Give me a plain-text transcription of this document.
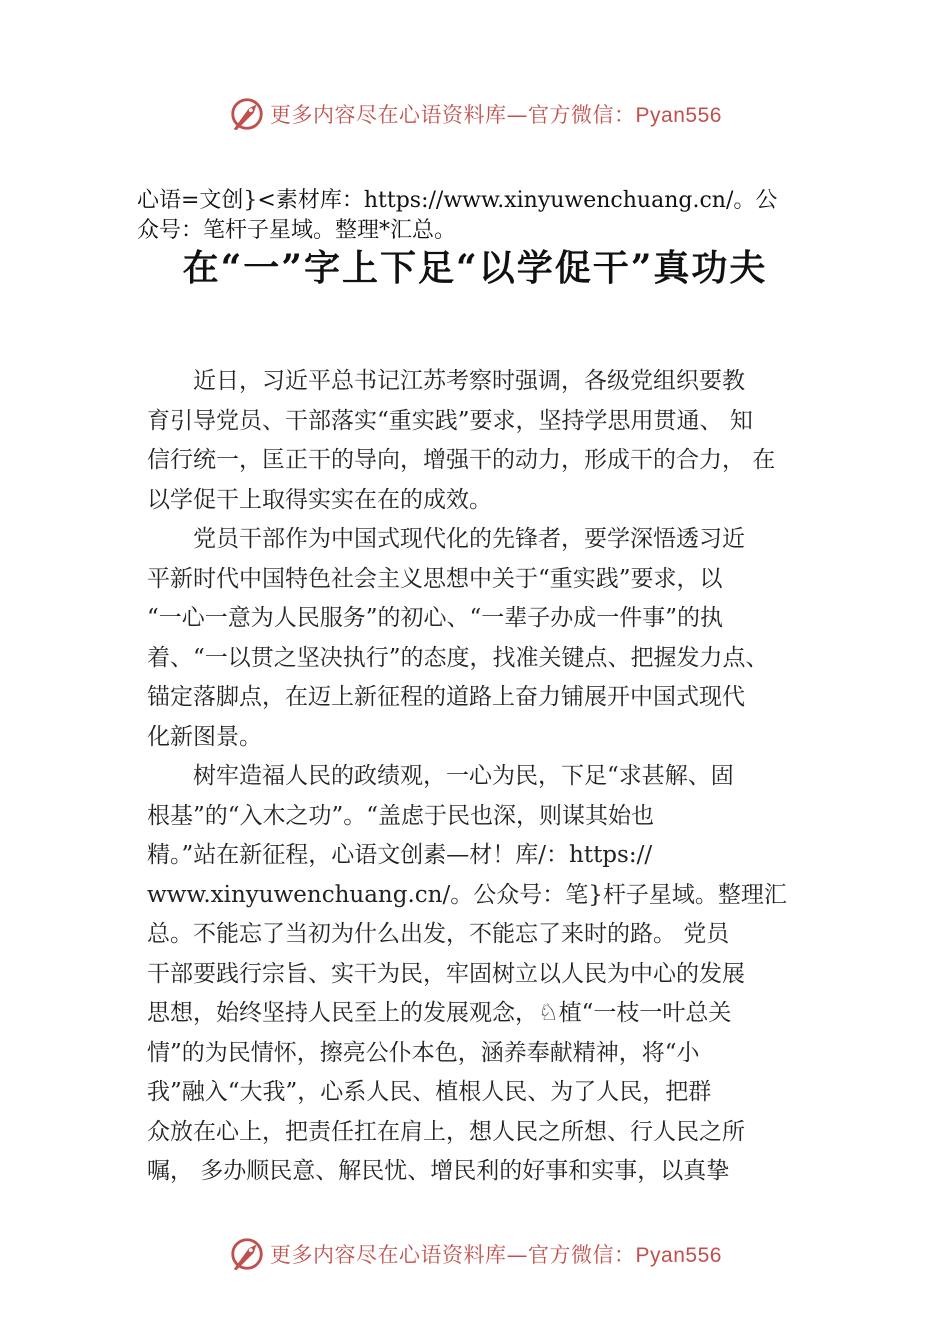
更多内容尽在心语资料库—官方微信：Pyan556

心语=文创}<素材库：https://www.xinyuwenchuang.cn/。公

众号：笔杆子星域。整理*汇总。

在“一”字上下足“以学促干”真功夫
　　近日，习近平总书记江苏考察时强调，各级党组织要教
育引导党员、干部落实“重实践”要求，坚持学思用贯通、 知
信行统一，匡正干的导向，增强干的动力，形成干的合力， 在
以学促干上取得实实在在的成效。
　　党员干部作为中国式现代化的先锋者，要学深悟透习近
平新时代中国特色社会主义思想中关于“重实践”要求，以
“一心一意为人民服务”的初心、“一辈子办成一件事”的执
着、“一以贯之坚决执行”的态度，找准关键点、把握发力点、
锚定落脚点，在迈上新征程的道路上奋力铺展开中国式现代
化新图景。
　　树牢造福人民的政绩观，一心为民，下足“求甚解、固
根基”的“入木之功”。“盖虑于民也深，则谋其始也
精。”站在新征程，心语文创素—材！库/：https://
www.xinyuwenchuang.cn/。公众号：笔}杆子星域。整理汇
总。不能忘了当初为什么出发，不能忘了来时的路。 党员
干部要践行宗旨、实干为民，牢固树立以人民为中心的发展
思想，始终坚持人民至上的发展观念，♘植“一枝一叶总关
情”的为民情怀，擦亮公仆本色，涵养奉献精神，将“小
我”融入“大我”，心系人民、植根人民、为了人民，把群
众放在心上，把责任扛在肩上，想人民之所想、行人民之所
嘱， 多办顺民意、解民忧、增民利的好事和实事，以真挚
更多内容尽在心语资料库—官方微信：Pyan556
